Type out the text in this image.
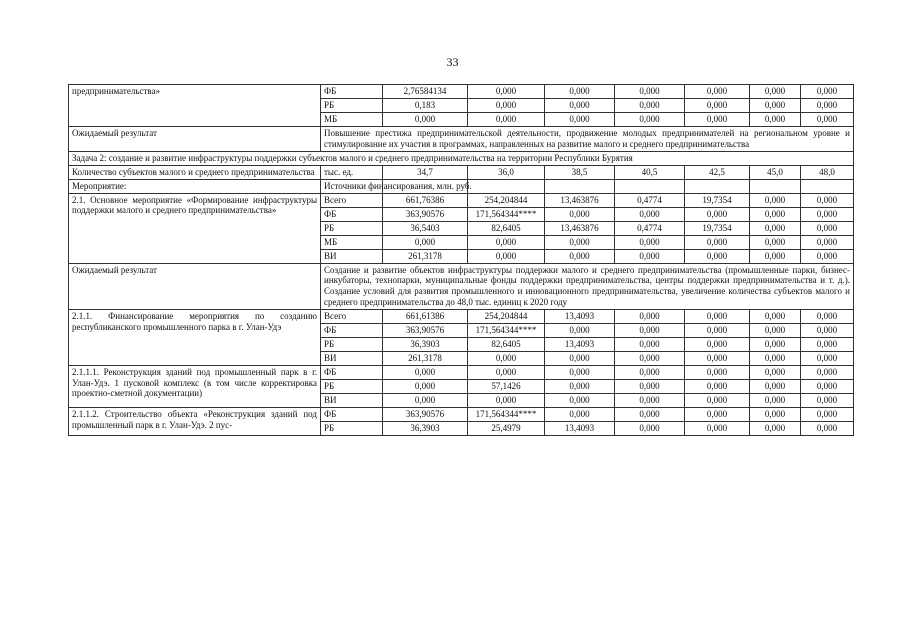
33
предпринимательства»	ФБ	2,76584134	0,000	0,000	0,000	0,000	0,000	0,000
	РБ	0,183	0,000	0,000	0,000	0,000	0,000	0,000
	МБ	0,000	0,000	0,000	0,000	0,000	0,000	0,000
Ожидаемый результат	Повышение престижа предпринимательской деятельности, продвижение молодых предпринимателей на региональном уровне и стимулирование их участия в программах, направленных на развитие малого и среднего предпринимательства							
Задача 2: создание и развитие инфраструктуры поддержки субъектов малого и среднего предпринимательства на территории Республики Бурятия								
Количество субъектов малого и среднего предпринимательства	тыс. ед.	34,7	36,0	38,5	40,5	42,5	45,0	48,0
Мероприятие:	Источники финансирования, млн. руб.							
2.1. Основное мероприятие «Формирование инфраструктуры поддержки малого и среднего предпринимательства»	Всего	661,76386	254,204844	13,463876	0,4774	19,7354	0,000	0,000
	ФБ	363,90576	171,564344****	0,000	0,000	0,000	0,000	0,000
	РБ	36,5403	82,6405	13,463876	0,4774	19,7354	0,000	0,000
	МБ	0,000	0,000	0,000	0,000	0,000	0,000	0,000
	ВИ	261,3178	0,000	0,000	0,000	0,000	0,000	0,000
Ожидаемый результат	Создание и развитие объектов инфраструктуры поддержки малого и среднего предпринимательства (промышленные парки, бизнес-инкубаторы, технопарки, муниципальные фонды поддержки предпринимательства, центры поддержки предпринимательства и т. д.). Создание условий для развития промышленного и инновационного предпринимательства, увеличение количества субъектов малого и среднего предпринимательства до 48,0 тыс. единиц к 2020 году							
2.1.1. Финансирование мероприятия по созданию республиканского промышленного парка в г. Улан-Удэ	Всего	661,61386	254,204844	13,4093	0,000	0,000	0,000	0,000
	ФБ	363,90576	171,564344****	0,000	0,000	0,000	0,000	0,000
	РБ	36,3903	82,6405	13,4093	0,000	0,000	0,000	0,000
	ВИ	261,3178	0,000	0,000	0,000	0,000	0,000	0,000
2.1.1.1. Реконструкция зданий под промышленный парк в г. Улан-Удэ. 1 пусковой комплекс (в том числе корректировка проектно-сметной документации)	ФБ	0,000	0,000	0,000	0,000	0,000	0,000	0,000
	РБ	0,000	57,1426	0,000	0,000	0,000	0,000	0,000
	ВИ	0,000	0,000	0,000	0,000	0,000	0,000	0,000
2.1.1.2. Строительство объекта «Реконструкция зданий под промышленный парк в г. Улан-Удэ. 2 пус-	ФБ	363,90576	171,564344****	0,000	0,000	0,000	0,000	0,000
	РБ	36,3903	25,4979	13,4093	0,000	0,000	0,000	0,000
